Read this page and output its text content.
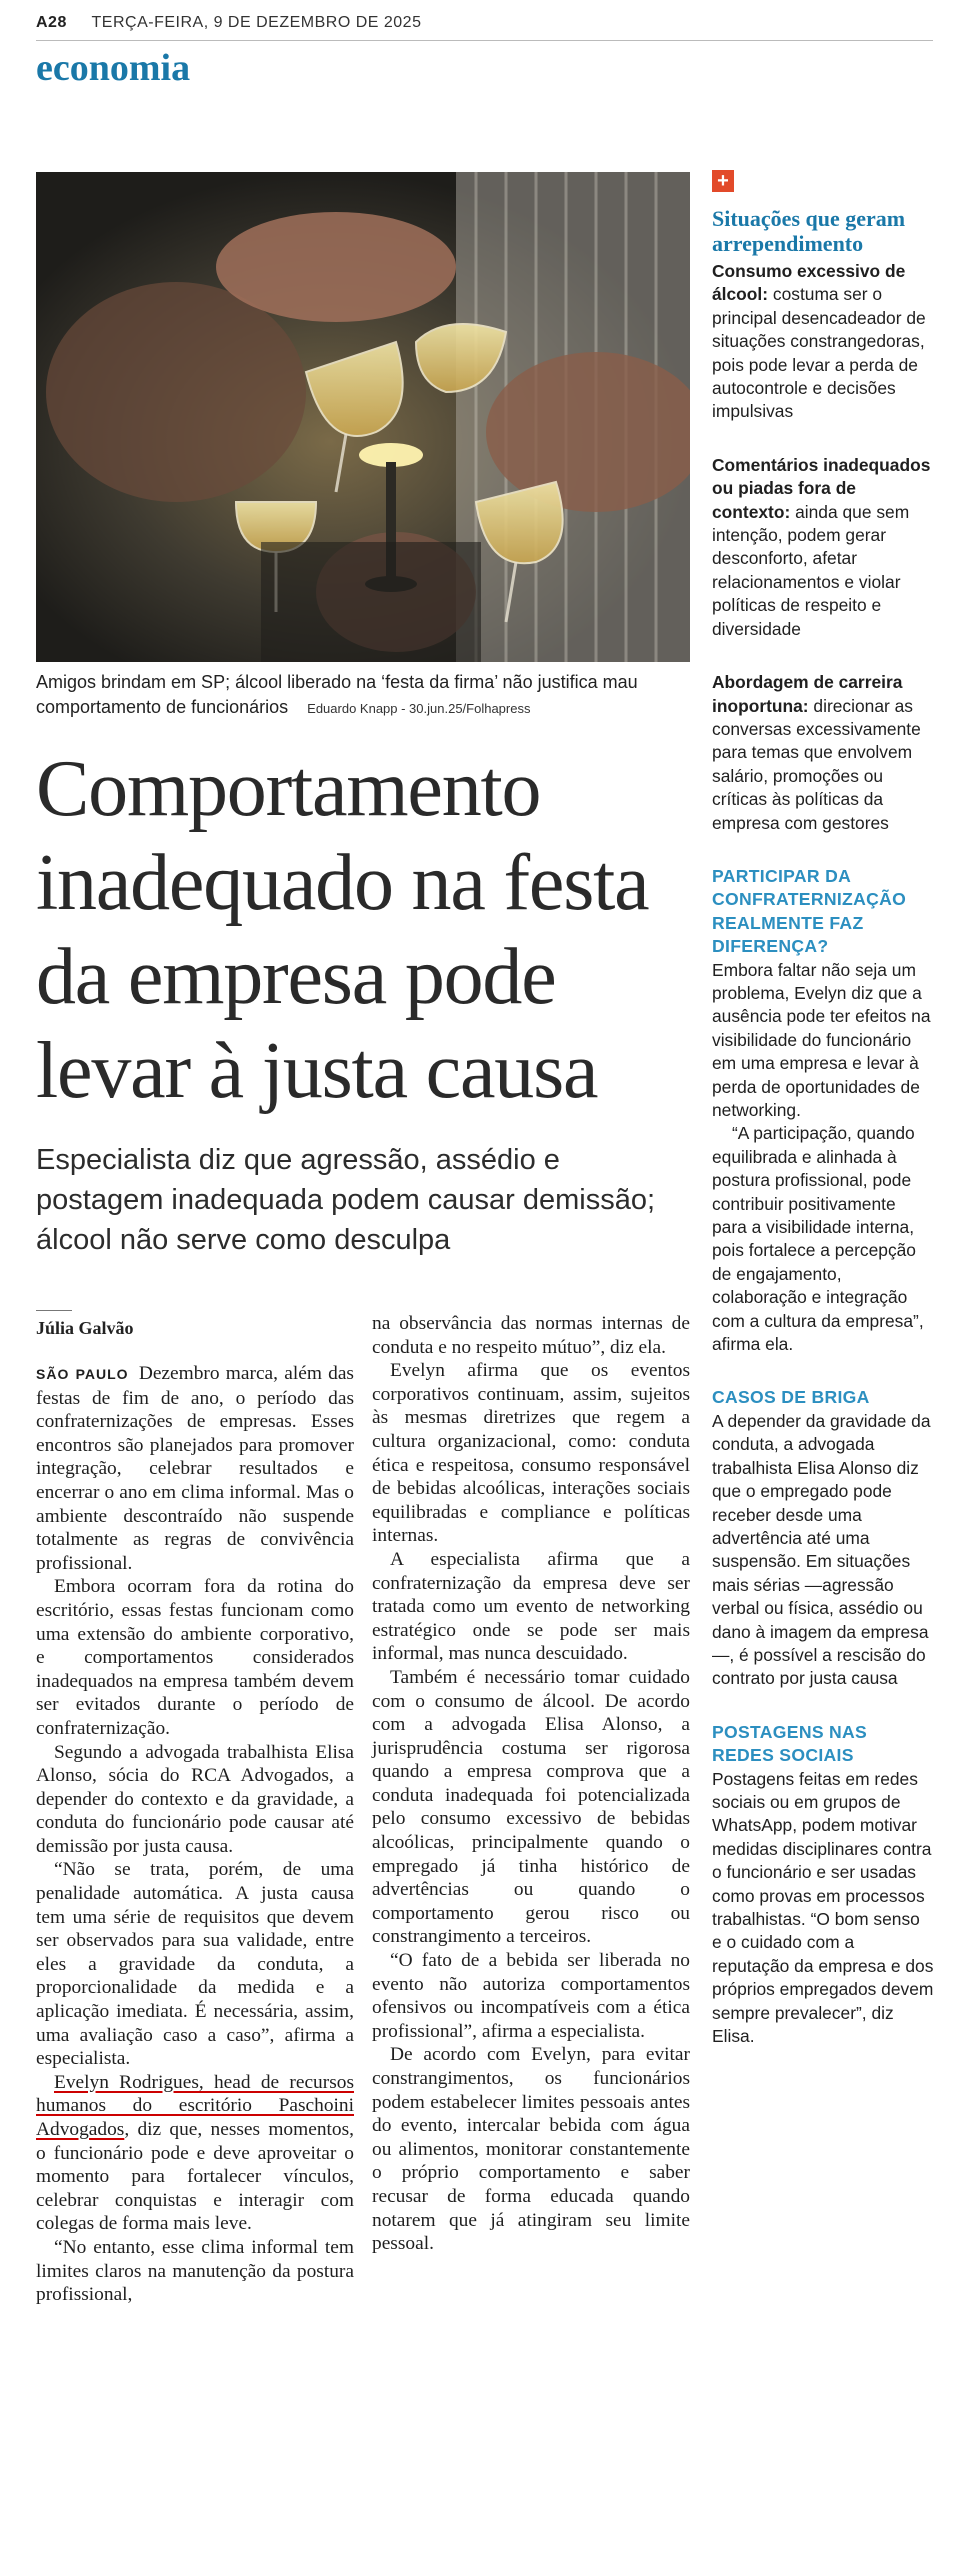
A28 TERÇA-FEIRA, 9 DE DEZEMBRO DE 2025
economia
Amigos brindam em SP; álcool liberado na ‘festa da firma’ não justifica mau comportamento de funcionários Eduardo Knapp - 30.jun.25/Folhapress
Comportamento inadequado na festa da empresa pode levar à justa causa
Especialista diz que agressão, assédio e postagem inadequada podem causar demissão; álcool não serve como desculpa
Júlia Galvão

SÃO PAULO Dezembro marca, além das festas de fim de ano, o período das confraternizações de empresas. Esses encontros são planejados para promover integração, celebrar resultados e encerrar o ano em clima informal. Mas o ambiente descontraído não suspende totalmente as regras de convivência profissional.

Embora ocorram fora da rotina do escritório, essas festas funcionam como uma extensão do ambiente corporativo, e comportamentos considerados inadequados na empresa também devem ser evitados durante o período de confraternização.

Segundo a advogada trabalhista Elisa Alonso, sócia do RCA Advogados, a depender do contexto e da gravidade, a conduta do funcionário pode causar até demissão por justa causa.

“Não se trata, porém, de uma penalidade automática. A justa causa tem uma série de requisitos que devem ser observados para sua validade, entre eles a gravidade da conduta, a proporcionalidade da medida e a aplicação imediata. É necessária, assim, uma avaliação caso a caso”, afirma a especialista.

Evelyn Rodrigues, head de recursos humanos do escritório Paschoini Advogados, diz que, nesses momentos, o funcionário pode e deve aproveitar o momento para fortalecer vínculos, celebrar conquistas e interagir com colegas de forma mais leve.

“No entanto, esse clima informal tem limites claros na manutenção da postura profissional,

na observância das normas internas de conduta e no respeito mútuo”, diz ela.

Evelyn afirma que os eventos corporativos continuam, assim, sujeitos às mesmas diretrizes que regem a cultura organizacional, como: conduta ética e respeitosa, consumo responsável de bebidas alcoólicas, interações sociais equilibradas e compliance e políticas internas.

A especialista afirma que a confraternização da empresa deve ser tratada como um evento de networking estratégico onde se pode ser mais informal, mas nunca descuidado.

Também é necessário tomar cuidado com o consumo de álcool. De acordo com a advogada Elisa Alonso, a jurisprudência costuma ser rigorosa quando a empresa comprova que a conduta inadequada foi potencializada pelo consumo excessivo de bebidas alcoólicas, principalmente quando o empregado já tinha histórico de advertências ou quando o comportamento gerou risco ou constrangimento a terceiros.

“O fato de a bebida ser liberada no evento não autoriza comportamentos ofensivos ou incompatíveis com a ética profissional”, afirma a especialista.

De acordo com Evelyn, para evitar constrangimentos, os funcionários podem estabelecer limites pessoais antes do evento, intercalar bebida com água ou alimentos, monitorar constantemente o próprio comportamento e saber recusar de forma educada quando notarem que já atingiram seu limite pessoal.

+
Situações que geram arrependimento
Consumo excessivo de álcool: costuma ser o principal desencadeador de situações constrangedoras, pois pode levar a perda de autocontrole e decisões impulsivas
Comentários inadequados ou piadas fora de contexto: ainda que sem intenção, podem gerar desconforto, afetar relacionamentos e violar políticas de respeito e diversidade
Abordagem de carreira inoportuna: direcionar as conversas excessivamente para temas que envolvem salário, promoções ou críticas às políticas da empresa com gestores
PARTICIPAR DA CONFRATERNIZAÇÃO REALMENTE FAZ DIFERENÇA?
Embora faltar não seja um problema, Evelyn diz que a ausência pode ter efeitos na visibilidade do funcionário em uma empresa e levar à perda de oportunidades de networking.
“A participação, quando equilibrada e alinhada à postura profissional, pode contribuir positivamente para a visibilidade interna, pois fortalece a percepção de engajamento, colaboração e integração com a cultura da empresa”, afirma ela.
CASOS DE BRIGA
A depender da gravidade da conduta, a advogada trabalhista Elisa Alonso diz que o empregado pode receber desde uma advertência até uma suspensão. Em situações mais sérias —agressão verbal ou física, assédio ou dano à imagem da empresa—, é possível a rescisão do contrato por justa causa
POSTAGENS NAS REDES SOCIAIS
Postagens feitas em redes sociais ou em grupos de WhatsApp, podem motivar medidas disciplinares contra o funcionário e ser usadas como provas em processos trabalhistas. “O bom senso e o cuidado com a reputação da empresa e dos próprios empregados devem sempre prevalecer”, diz Elisa.
